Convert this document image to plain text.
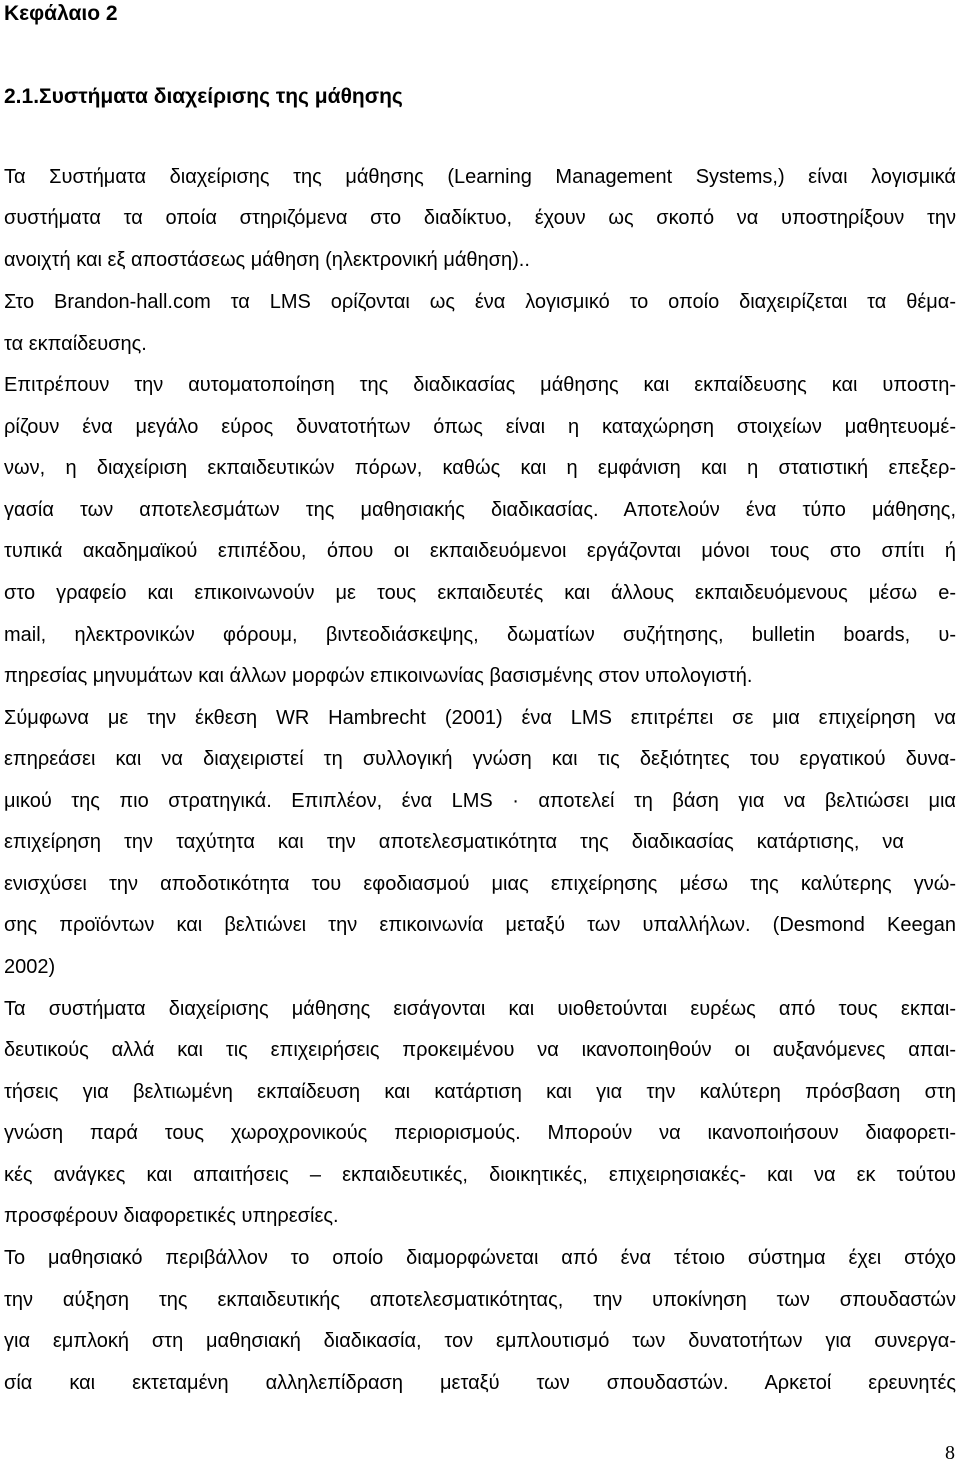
Κεφάλαιο 2
2.1.Συστήματα διαχείρισης της μάθησης
Τα Συστήματα διαχείρισης της μάθησης (Learning Management Systems,) είναι λογισμικά
συστήματα τα οποία στηριζόμενα στο διαδίκτυο, έχουν ως σκοπό να υποστηρίξουν την
ανοιχτή και εξ αποστάσεως μάθηση (ηλεκτρονική μάθηση)..
Στο Brandon-hall.com τα LMS ορίζονται ως ένα λογισμικό το οποίο διαχειρίζεται τα θέμα-
τα εκπαίδευσης.
Επιτρέπουν την αυτοματοποίηση της διαδικασίας μάθησης και εκπαίδευσης και υποστη-
ρίζουν ένα μεγάλο εύρος δυνατοτήτων όπως είναι η καταχώρηση στοιχείων μαθητευομέ-
νων, η διαχείριση εκπαιδευτικών πόρων, καθώς και η εμφάνιση και η στατιστική επεξερ-
γασία των αποτελεσμάτων της μαθησιακής διαδικασίας. Αποτελούν ένα τύπο μάθησης,
τυπικά ακαδημαϊκού επιπέδου, όπου οι εκπαιδευόμενοι εργάζονται μόνοι τους στο σπίτι ή
στο γραφείο και επικοινωνούν με τους εκπαιδευτές και άλλους εκπαιδευόμενους μέσω e-
mail, ηλεκτρονικών φόρουμ, βιντεοδιάσκεψης, δωματίων συζήτησης, bulletin boards, υ-
πηρεσίας μηνυμάτων και άλλων μορφών επικοινωνίας βασισμένης στον υπολογιστή.
Σύμφωνα με την έκθεση WR Hambrecht (2001) ένα LMS επιτρέπει σε μια επιχείρηση να
επηρεάσει και να διαχειριστεί τη συλλογική γνώση και τις δεξιότητες του εργατικού δυνα-
μικού της πιο στρατηγικά. Επιπλέον, ένα LMS · αποτελεί τη βάση για να βελτιώσει μια
επιχείρηση την ταχύτητα και την αποτελεσματικότητα της διαδικασίας κατάρτισης, να
ενισχύσει την αποδοτικότητα του εφοδιασμού μιας επιχείρησης μέσω της καλύτερης γνώ-
σης προϊόντων και βελτιώνει την επικοινωνία μεταξύ των υπαλλήλων. (Desmond Keegan
2002)
Τα συστήματα διαχείρισης μάθησης εισάγονται και υιοθετούνται ευρέως από τους εκπαι-
δευτικούς αλλά και τις επιχειρήσεις προκειμένου να ικανοποιηθούν οι αυξανόμενες απαι-
τήσεις για βελτιωμένη εκπαίδευση και κατάρτιση και για την καλύτερη πρόσβαση στη
γνώση παρά τους χωροχρονικούς περιορισμούς. Μπορούν να ικανοποιήσουν διαφορετι-
κές ανάγκες και απαιτήσεις – εκπαιδευτικές, διοικητικές, επιχειρησιακές- και να εκ τούτου
προσφέρουν διαφορετικές υπηρεσίες.
Το μαθησιακό περιβάλλον το οποίο διαμορφώνεται από ένα τέτοιο σύστημα έχει στόχο
την αύξηση της εκπαιδευτικής αποτελεσματικότητας, την υποκίνηση των σπουδαστών
για εμπλοκή στη μαθησιακή διαδικασία, τον εμπλουτισμό των δυνατοτήτων για συνεργα-
σία και εκτεταμένη αλληλεπίδραση μεταξύ των σπουδαστών. Αρκετοί ερευνητές
8
